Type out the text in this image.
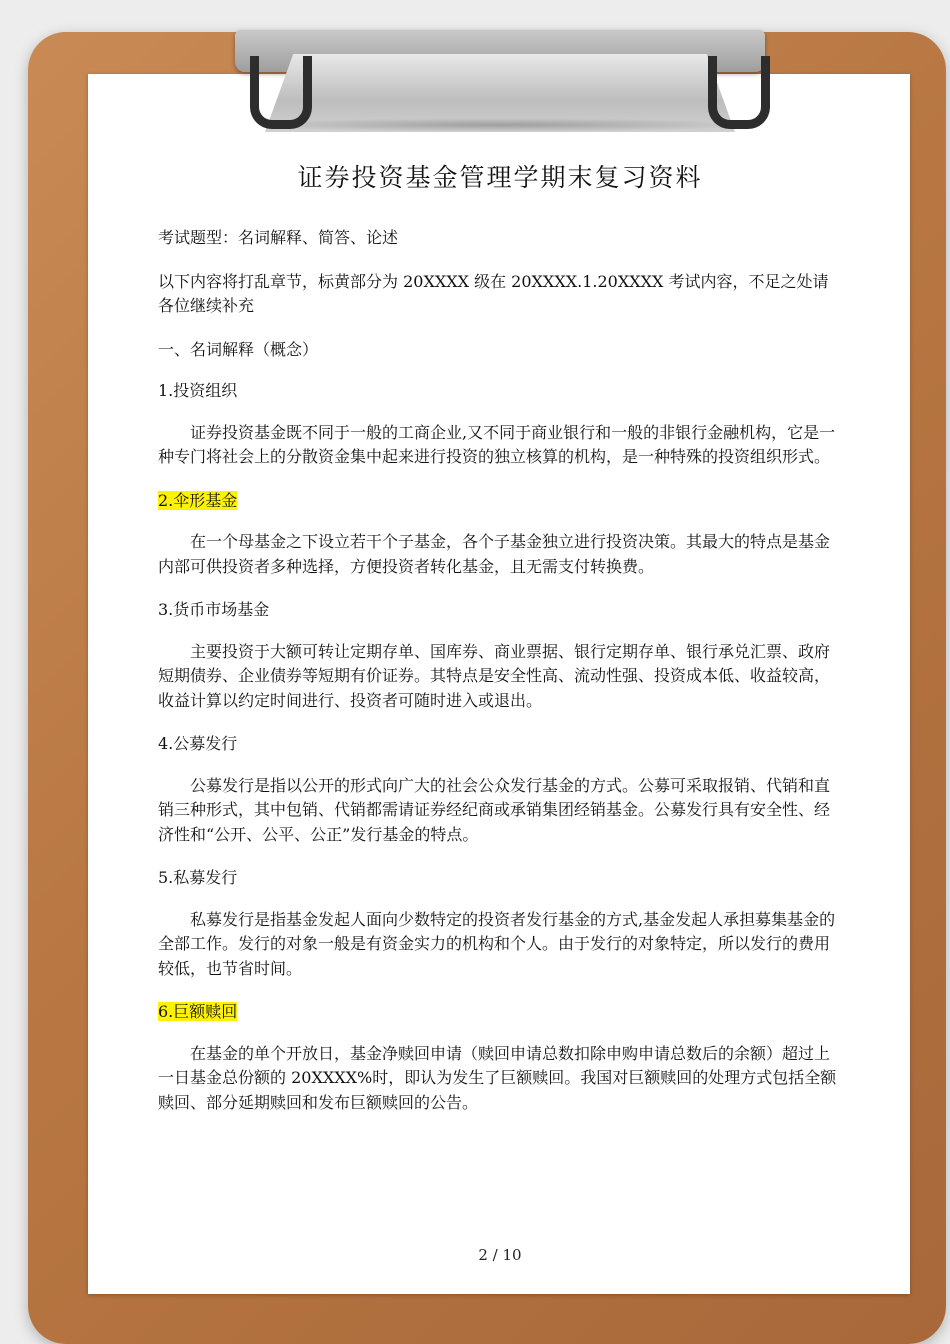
证券投资基金管理学期末复习资料
考试题型：名词解释、简答、论述
以下内容将打乱章节，标黄部分为 20XXXX 级在 20XXXX.1.20XXXX 考试内容，不足之处请各位继续补充
一、名词解释（概念）
1.投资组织
证券投资基金既不同于一般的工商企业,又不同于商业银行和一般的非银行金融机构，它是一种专门将社会上的分散资金集中起来进行投资的独立核算的机构，是一种特殊的投资组织形式。
2.伞形基金
在一个母基金之下设立若干个子基金，各个子基金独立进行投资决策。其最大的特点是基金内部可供投资者多种选择，方便投资者转化基金，且无需支付转换费。
3.货币市场基金
主要投资于大额可转让定期存单、国库券、商业票据、银行定期存单、银行承兑汇票、政府短期债券、企业债券等短期有价证券。其特点是安全性高、流动性强、投资成本低、收益较高，收益计算以约定时间进行、投资者可随时进入或退出。
4.公募发行
公募发行是指以公开的形式向广大的社会公众发行基金的方式。公募可采取报销、代销和直销三种形式，其中包销、代销都需请证券经纪商或承销集团经销基金。公募发行具有安全性、经济性和“公开、公平、公正”发行基金的特点。
5.私募发行
私募发行是指基金发起人面向少数特定的投资者发行基金的方式,基金发起人承担募集基金的全部工作。发行的对象一般是有资金实力的机构和个人。由于发行的对象特定，所以发行的费用较低，也节省时间。
6.巨额赎回
在基金的单个开放日，基金净赎回申请（赎回申请总数扣除申购申请总数后的余额）超过上一日基金总份额的 20XXXX%时，即认为发生了巨额赎回。我国对巨额赎回的处理方式包括全额赎回、部分延期赎回和发布巨额赎回的公告。
2 / 10
